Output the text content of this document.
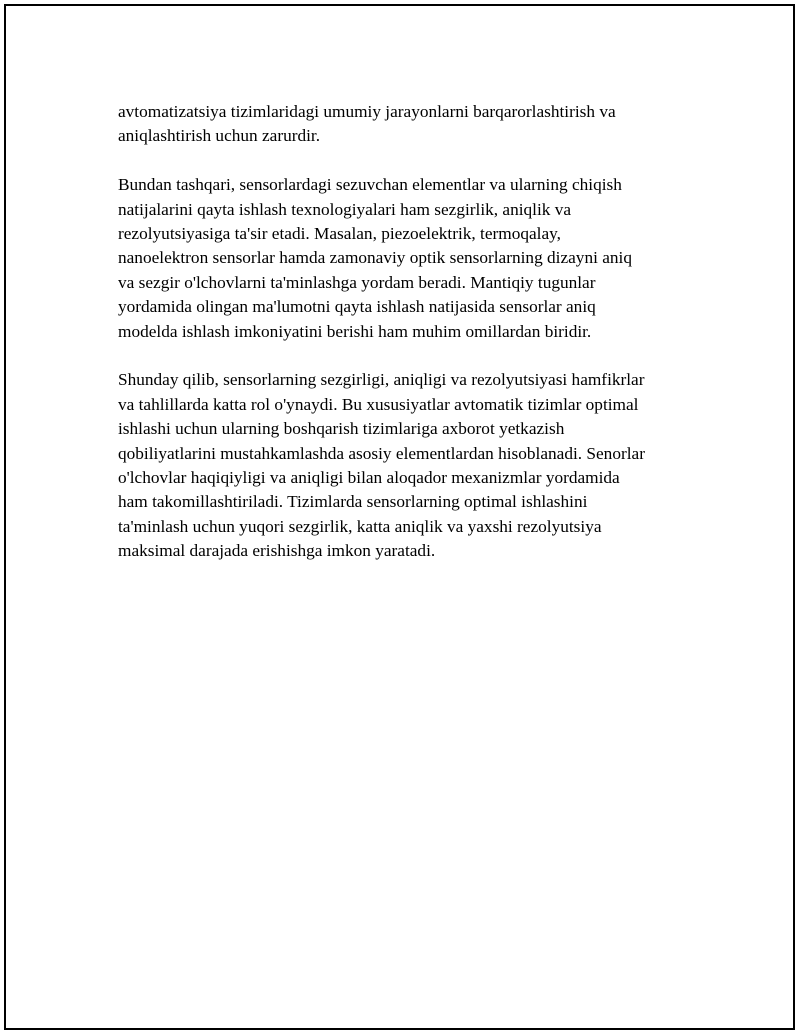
avtomatizatsiya tizimlaridagi umumiy jarayonlarni barqarorlashtirish va
aniqlashtirish uchun zarurdir.

Bundan tashqari, sensorlardagi sezuvchan elementlar va ularning chiqish
natijalarini qayta ishlash texnologiyalari ham sezgirlik, aniqlik va
rezolyutsiyasiga ta'sir etadi. Masalan, piezoelektrik, termoqalay,
nanoelektron sensorlar hamda zamonaviy optik sensorlarning dizayni aniq
va sezgir o'lchovlarni ta'minlashga yordam beradi. Mantiqiy tugunlar
yordamida olingan ma'lumotni qayta ishlash natijasida sensorlar aniq
modelda ishlash imkoniyatini berishi ham muhim omillardan biridir.

Shunday qilib, sensorlarning sezgirligi, aniqligi va rezolyutsiyasi hamfikrlar
va tahlillarda katta rol o'ynaydi. Bu xususiyatlar avtomatik tizimlar optimal
ishlashi uchun ularning boshqarish tizimlariga axborot yetkazish
qobiliyatlarini mustahkamlashda asosiy elementlardan hisoblanadi. Senorlar
o'lchovlar haqiqiyligi va aniqligi bilan aloqador mexanizmlar yordamida
ham takomillashtiriladi. Tizimlarda sensorlarning optimal ishlashini
ta'minlash uchun yuqori sezgirlik, katta aniqlik va yaxshi rezolyutsiya
maksimal darajada erishishga imkon yaratadi.
